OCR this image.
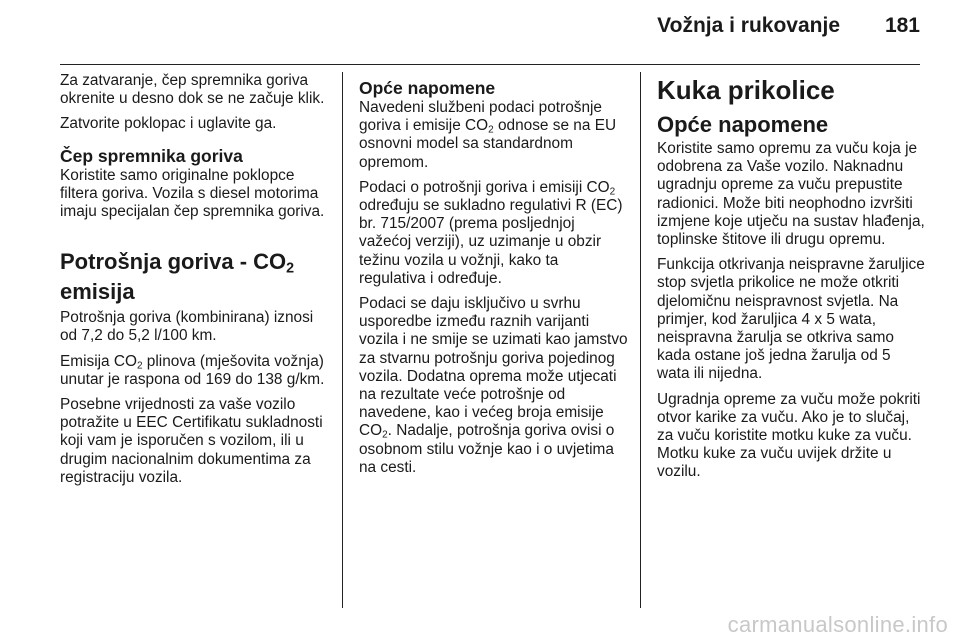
Vožnja i rukovanje 181

Za zatvaranje, čep spremnika goriva okrenite u desno dok se ne začuje klik.

Zatvorite poklopac i uglavite ga.

Čep spremnika goriva

Koristite samo originalne poklopce filtera goriva. Vozila s diesel motorima imaju specijalan čep spremnika goriva.

Potrošnja goriva - $CO_2$
emisija

Potrošnja goriva (kombinirana) iznosi od 7,2 do 5,2 l/100 km.

Emisija $CO_2$ plinova (mješovita vožnja) unutar je raspona od 169 do 138 g/km.

Posebne vrijednosti za vaše vozilo potražite u EEC Certifikatu sukladnosti koji vam je isporučen s vozilom, ili u drugim nacionalnim dokumentima za registraciju vozila.

Opće napomene

Navedeni službeni podaci potrošnje goriva i emisije $CO_2$ odnose se na EU osnovni model sa standardnom opremom.

Podaci o potrošnji goriva i emisiji $CO_2$ određuju se sukladno regulativi R (EC) br. 715/2007 (prema posljednjoj važećoj verziji), uz uzimanje u obzir težinu vozila u vožnji, kako ta regulativa i određuje.

Podaci se daju isključivo u svrhu usporedbe između raznih varijanti vozila i ne smije se uzimati kao jamstvo za stvarnu potrošnju goriva pojedinog vozila. Dodatna oprema može utjecati na rezultate veće potrošnje od navedene, kao i većeg broja emisije $CO_2$. Nadalje, potrošnja goriva ovisi o osobnom stilu vožnje kao i o uvjetima na cesti.

Kuka prikolice
Opće napomene

Koristite samo opremu za vuču koja je odobrena za Vaše vozilo. Naknadnu ugradnju opreme za vuču prepustite radionici. Može biti neophodno izvršiti izmjene koje utječu na sustav hlađenja, toplinske štitove ili drugu opremu.

Funkcija otkrivanja neispravne žaruljice stop svjetla prikolice ne može otkriti djelomičnu neispravnost svjetla. Na primjer, kod žaruljica 4 x 5 wata, neispravna žarulja se otkriva samo kada ostane još jedna žarulja od 5 wata ili nijedna.

Ugradnja opreme za vuču može pokriti otvor karike za vuču. Ako je to slučaj, za vuču koristite motku kuke za vuču. Motku kuke za vuču uvijek držite u vozilu.

carmanualsonline.info
